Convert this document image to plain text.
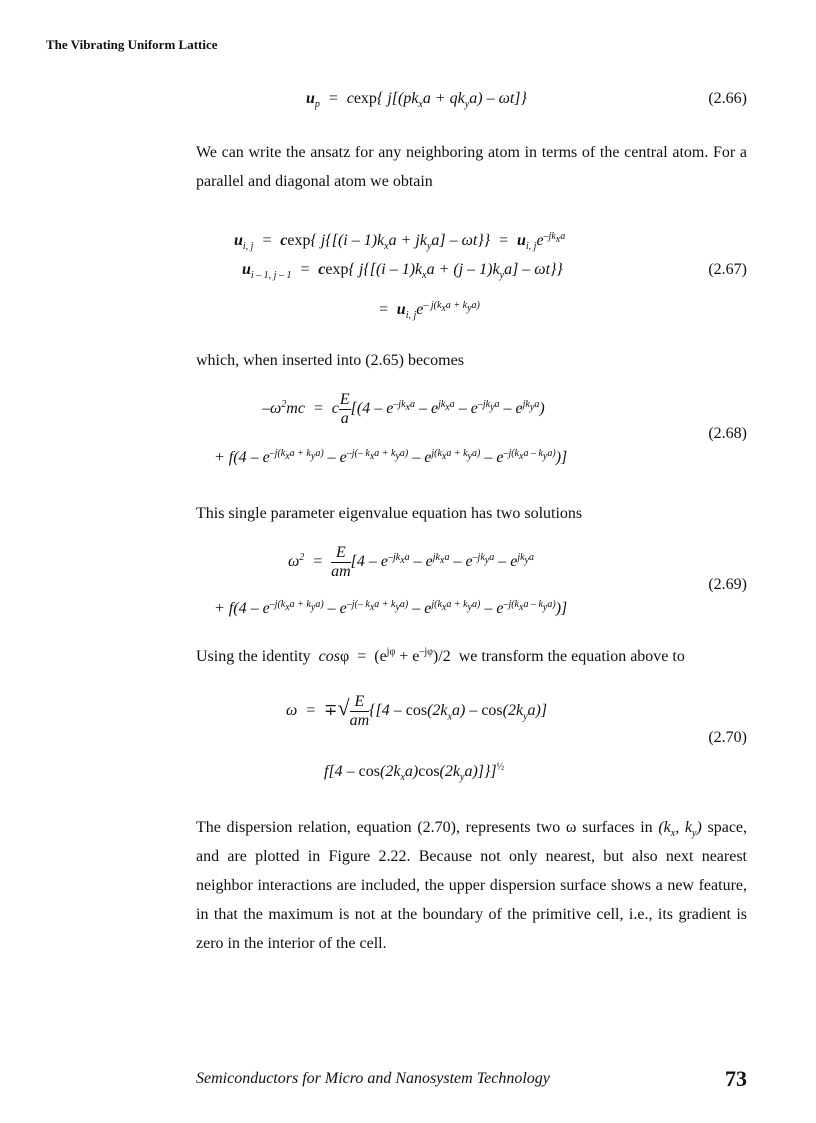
The Vibrating Uniform Lattice
$u_p = cexp${ $j[(pk_xa + qk_ya) - \omega t]$}	(2.66)

We can write the ansatz for any neighboring atom in terms of the central atom. For a parallel and diagonal atom we obtain

$u_{i, j} = cexp${ $j\{[(i - 1)k_xa + jk_ya] - \omega t\}\} = u_{i, j}e^{-jk_xa}$
$u_{i - 1, j - 1} = cexp${ $j\{[(i - 1)k_xa + (j - 1)k_ya] - \omega t\}$}
=  $u_{i, j}e^{- j(k_xa + k_ya)}$
(2.67)

which, when inserted into (2.65) becomes

$-\omega^2mc = c \frac{E}{a} [(4 - e^{-jk_xa} - e^{jk_xa} - e^{-jk_ya} - e^{jk_ya})$
+ $f(4 - e^{-j(k_xa + k_ya)} - e^{-j(- k_xa + k_ya)} - e^{j(k_xa + k_ya)} - e^{-j(k_xa - k_ya)})$]
(2.68)

This single parameter eigenvalue equation has two solutions

$\omega^2 = \frac{E}{am} [4 - e^{-jk_xa} - e^{jk_xa} - e^{-jk_ya} - e^{jk_ya}$
+ $f(4 - e^{-j(k_xa + k_ya)} - e^{-j(- k_xa + k_ya)} - e^{j(k_xa + k_ya)} - e^{-j(k_xa - k_ya)})$]
(2.69)

Using the identity  $\cos\varphi = (e^{j\varphi} + e^{-j\varphi})/2$  we transform the equation above to

ω  =  ∓√ $\frac{E}{am} \{[4 - \cos(2k_xa) - \cos(2k_ya)]$
$f[4 - \cos(2k_xa)\cos(2k_ya)]\}]^{\frac{1}{2}}$
(2.70)

The dispersion relation, equation (2.70), represents two ω surfaces in ($k_x$, $k_y$) space, and are plotted in Figure 2.22. Because not only nearest, but also next nearest neighbor interactions are included, the upper dispersion surface shows a new feature, in that the maximum is not at the boundary of the primitive cell, i.e., its gradient is zero in the interior of the cell.

Semiconductors for Micro and Nanosystem Technology	73
